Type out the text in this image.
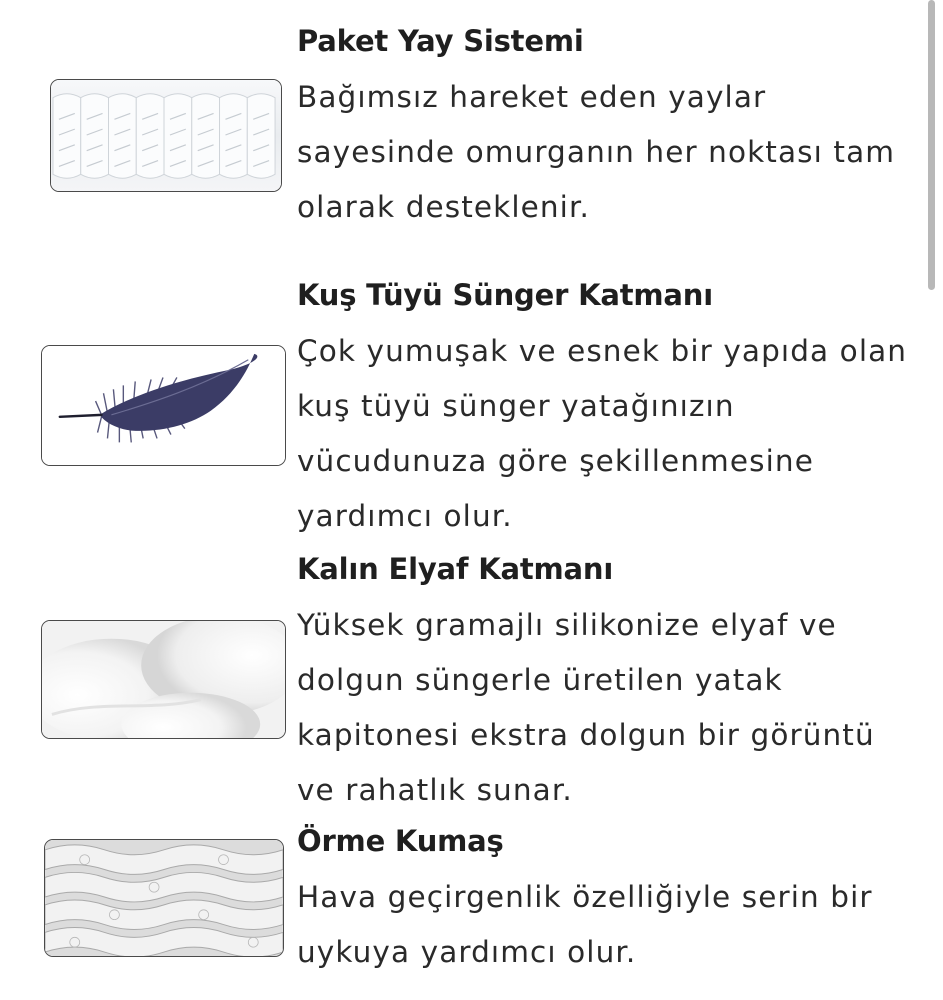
Paket Yay Sistemi

Bağımsız hareket eden yaylar sayesinde omurganın her noktası tam olarak desteklenir.

Kuş Tüyü Sünger Katmanı

Çok yumuşak ve esnek bir yapıda olan kuş tüyü sünger yatağınızın vücudunuza göre şekillenmesine yardımcı olur.

Kalın Elyaf Katmanı

Yüksek gramajlı silikonize elyaf ve dolgun süngerle üretilen yatak kapitonesi ekstra dolgun bir görüntü ve rahatlık sunar.

Örme Kumaş

Hava geçirgenlik özelliğiyle serin bir uykuya yardımcı olur.
